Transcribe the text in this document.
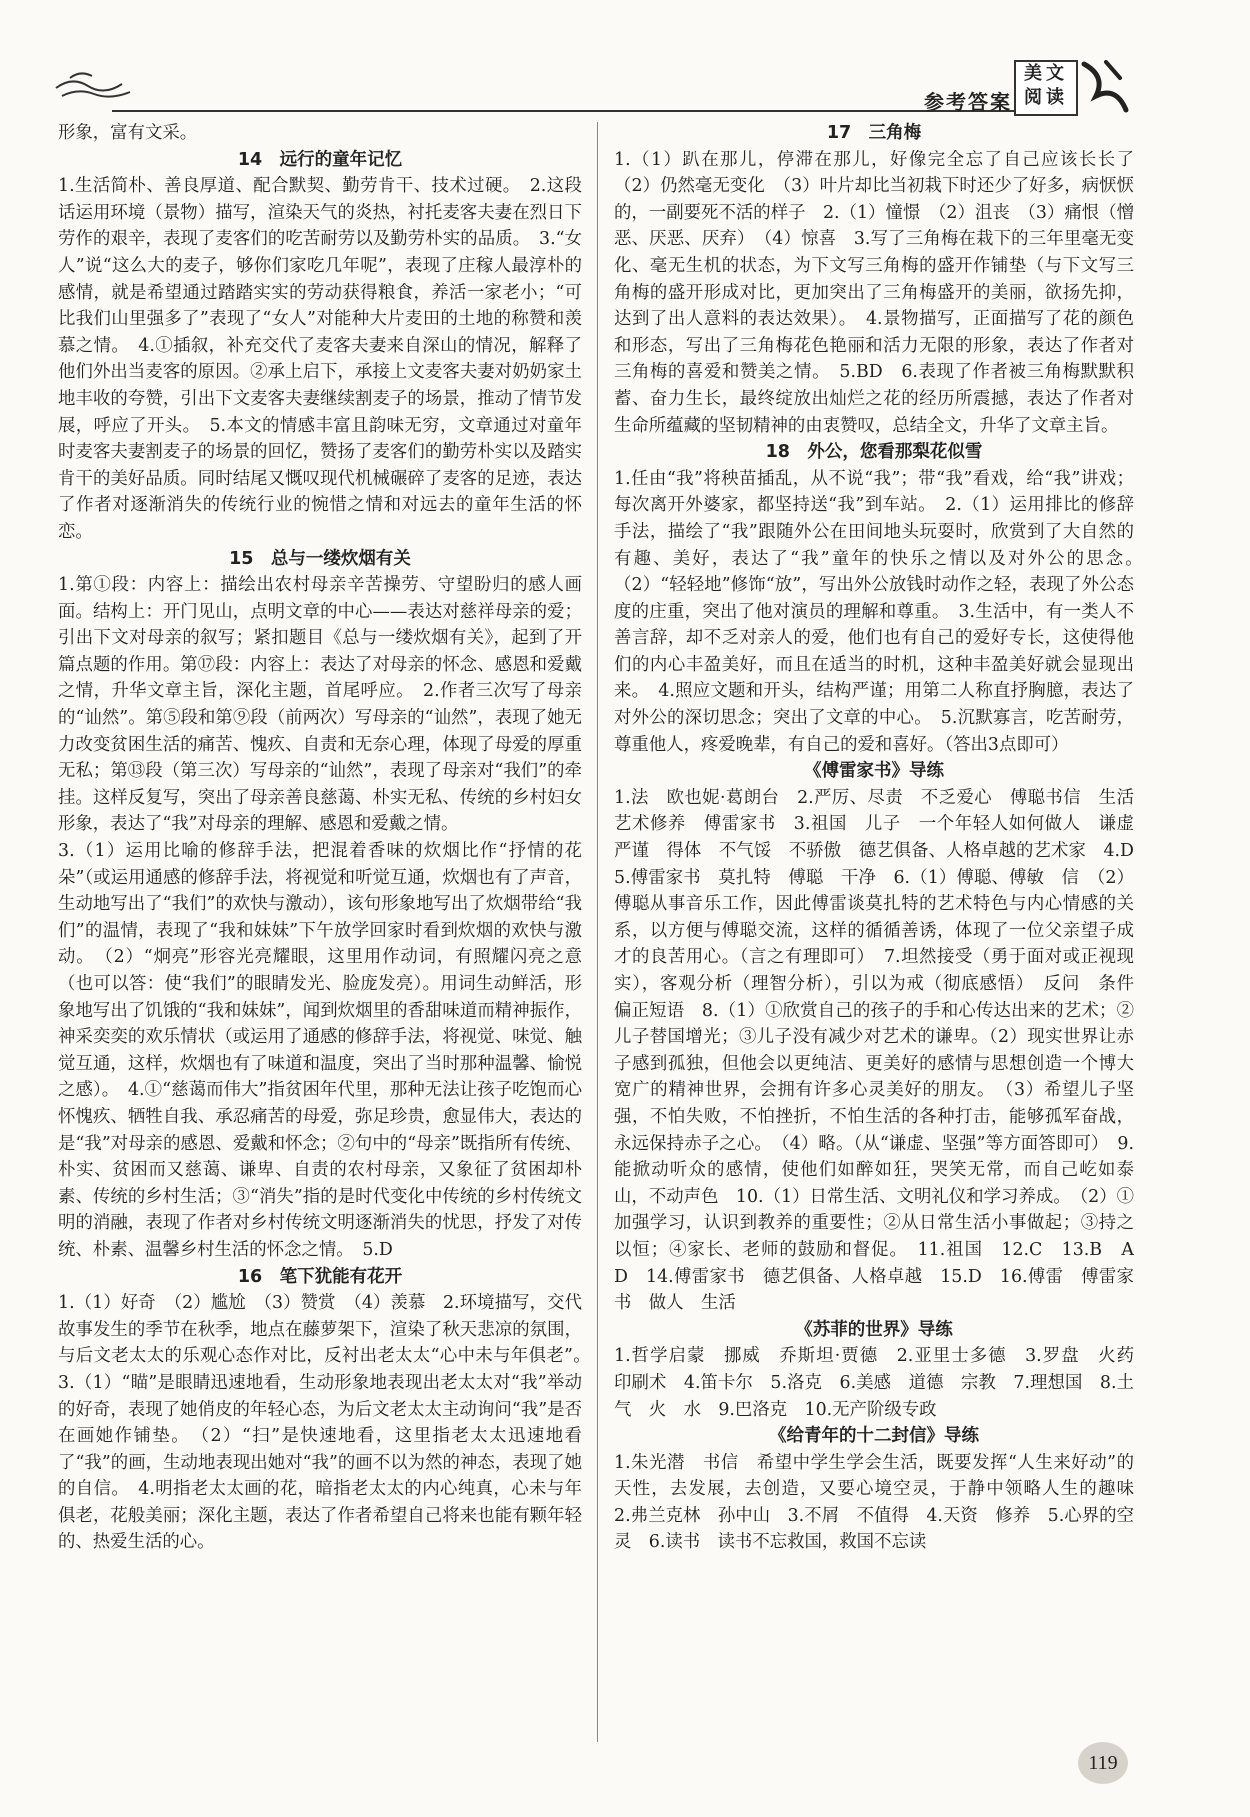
参考答案
美文阅读

形象，富有文采。

14　远行的童年记忆

1.生活简朴、善良厚道、配合默契、勤劳肯干、技术过硬。　2.这段话运用环境（景物）描写，渲染天气的炎热，衬托麦客夫妻在烈日下劳作的艰辛，表现了麦客们的吃苦耐劳以及勤劳朴实的品质。　3.“女人”说“这么大的麦子，够你们家吃几年呢”，表现了庄稼人最淳朴的感情，就是希望通过踏踏实实的劳动获得粮食，养活一家老小；“可比我们山里强多了”表现了“女人”对能种大片麦田的土地的称赞和羡慕之情。　4.①插叙，补充交代了麦客夫妻来自深山的情况，解释了他们外出当麦客的原因。②承上启下，承接上文麦客夫妻对奶奶家土地丰收的夸赞，引出下文麦客夫妻继续割麦子的场景，推动了情节发展，呼应了开头。　5.本文的情感丰富且韵味无穷，文章通过对童年时麦客夫妻割麦子的场景的回忆，赞扬了麦客们的勤劳朴实以及踏实肯干的美好品质。同时结尾又慨叹现代机械碾碎了麦客的足迹，表达了作者对逐渐消失的传统行业的惋惜之情和对远去的童年生活的怀恋。

15　总与一缕炊烟有关

1.第①段：内容上：描绘出农村母亲辛苦操劳、守望盼归的感人画面。结构上：开门见山，点明文章的中心——表达对慈祥母亲的爱；引出下文对母亲的叙写；紧扣题目《总与一缕炊烟有关》，起到了开篇点题的作用。第⑰段：内容上：表达了对母亲的怀念、感恩和爱戴之情，升华文章主旨，深化主题，首尾呼应。　2.作者三次写了母亲的“讪然”。第⑤段和第⑨段（前两次）写母亲的“讪然”，表现了她无力改变贫困生活的痛苦、愧疚、自责和无奈心理，体现了母爱的厚重无私；第⑬段（第三次）写母亲的“讪然”，表现了母亲对“我们”的牵挂。这样反复写，突出了母亲善良慈蔼、朴实无私、传统的乡村妇女形象，表达了“我”对母亲的理解、感恩和爱戴之情。

3.（1）运用比喻的修辞手法，把混着香味的炊烟比作“抒情的花朵”（或运用通感的修辞手法，将视觉和听觉互通，炊烟也有了声音，生动地写出了“我们”的欢快与激动），该句形象地写出了炊烟带给“我们”的温情，表现了“我和妹妹”下午放学回家时看到炊烟的欢快与激动。　（2）“炯亮”形容光亮耀眼，这里用作动词，有照耀闪亮之意（也可以答：使“我们”的眼睛发光、脸庞发亮）。用词生动鲜活，形象地写出了饥饿的“我和妹妹”，闻到炊烟里的香甜味道而精神振作，神采奕奕的欢乐情状（或运用了通感的修辞手法，将视觉、味觉、触觉互通，这样，炊烟也有了味道和温度，突出了当时那种温馨、愉悦之感）。　4.①“慈蔼而伟大”指贫困年代里，那种无法让孩子吃饱而心怀愧疚、牺牲自我、承忍痛苦的母爱，弥足珍贵，愈显伟大，表达的是“我”对母亲的感恩、爱戴和怀念；②句中的“母亲”既指所有传统、朴实、贫困而又慈蔼、谦卑、自责的农村母亲，又象征了贫困却朴素、传统的乡村生活；③“消失”指的是时代变化中传统的乡村传统文明的消融，表现了作者对乡村传统文明逐渐消失的忧思，抒发了对传统、朴素、温馨乡村生活的怀念之情。　5.D

16　笔下犹能有花开

1.（1）好奇　（2）尴尬　（3）赞赏　（4）羡慕　2.环境描写，交代故事发生的季节在秋季，地点在藤萝架下，渲染了秋天悲凉的氛围，与后文老太太的乐观心态作对比，反衬出老太太“心中未与年俱老”。　3.（1）“瞄”是眼睛迅速地看，生动形象地表现出老太太对“我”举动的好奇，表现了她俏皮的年轻心态，为后文老太太主动询问“我”是否在画她作铺垫。　（2）“扫”是快速地看，这里指老太太迅速地看了“我”的画，生动地表现出她对“我”的画不以为然的神态，表现了她的自信。　4.明指老太太画的花，暗指老太太的内心纯真，心未与年俱老，花般美丽；深化主题，表达了作者希望自己将来也能有颗年轻的、热爱生活的心。

17　三角梅

1.（1）趴在那儿，停滞在那儿，好像完全忘了自己应该长长了　（2）仍然毫无变化　（3）叶片却比当初栽下时还少了好多，病恹恹的，一副要死不活的样子　2.（1）憧憬　（2）沮丧　（3）痛恨（憎恶、厌恶、厌弃）　（4）惊喜　3.写了三角梅在栽下的三年里毫无变化、毫无生机的状态，为下文写三角梅的盛开作铺垫（与下文写三角梅的盛开形成对比，更加突出了三角梅盛开的美丽，欲扬先抑，达到了出人意料的表达效果）。　4.景物描写，正面描写了花的颜色和形态，写出了三角梅花色艳丽和活力无限的形象，表达了作者对三角梅的喜爱和赞美之情。　5.BD　6.表现了作者被三角梅默默积蓄、奋力生长，最终绽放出灿烂之花的经历所震撼，表达了作者对生命所蕴藏的坚韧精神的由衷赞叹，总结全文，升华了文章主旨。

18　外公，您看那梨花似雪

1.任由“我”将秧苗插乱，从不说“我”；带“我”看戏，给“我”讲戏；每次离开外婆家，都坚持送“我”到车站。　2.（1）运用排比的修辞手法，描绘了“我”跟随外公在田间地头玩耍时，欣赏到了大自然的有趣、美好，表达了“我”童年的快乐之情以及对外公的思念。　（2）“轻轻地”修饰“放”，写出外公放钱时动作之轻，表现了外公态度的庄重，突出了他对演员的理解和尊重。　3.生活中，有一类人不善言辞，却不乏对亲人的爱，他们也有自己的爱好专长，这使得他们的内心丰盈美好，而且在适当的时机，这种丰盈美好就会显现出来。　4.照应文题和开头，结构严谨；用第二人称直抒胸臆，表达了对外公的深切思念；突出了文章的中心。　5.沉默寡言，吃苦耐劳，尊重他人，疼爱晚辈，有自己的爱和喜好。（答出3点即可）

《傅雷家书》导练

1.法　欧也妮·葛朗台　2.严厉、尽责　不乏爱心　傅聪书信　生活　艺术修养　傅雷家书　3.祖国　儿子　一个年轻人如何做人　谦虚　严谨　得体　不气馁　不骄傲　德艺俱备、人格卓越的艺术家　4.D　5.傅雷家书　莫扎特　傅聪　干净　6.（1）傅聪、傅敏　信　（2）傅聪从事音乐工作，因此傅雷谈莫扎特的艺术特色与内心情感的关系，以方便与傅聪交流，这样的循循善诱，体现了一位父亲望子成才的良苦用心。（言之有理即可）　7.坦然接受（勇于面对或正视现实），客观分析（理智分析），引以为戒（彻底感悟）　反问　条件　偏正短语　8.（1）①欣赏自己的孩子的手和心传达出来的艺术；②儿子替国增光；③儿子没有减少对艺术的谦卑。（2）现实世界让赤子感到孤独，但他会以更纯洁、更美好的感情与思想创造一个博大宽广的精神世界，会拥有许多心灵美好的朋友。　（3）希望儿子坚强，不怕失败，不怕挫折，不怕生活的各种打击，能够孤军奋战，永远保持赤子之心。　（4）略。（从“谦虚、坚强”等方面答即可）　9.能掀动听众的感情，使他们如醉如狂，哭笑无常，而自己屹如泰山，不动声色　10.（1）日常生活、文明礼仪和学习养成。　（2）①加强学习，认识到教养的重要性；②从日常生活小事做起；③持之以恒；④家长、老师的鼓励和督促。　11.祖国　12.C　13.B　A　D　14.傅雷家书　德艺俱备、人格卓越　15.D　16.傅雷　傅雷家书　做人　生活

《苏菲的世界》导练

1.哲学启蒙　挪威　乔斯坦·贾德　2.亚里士多德　3.罗盘　火药　印刷术　4.笛卡尔　5.洛克　6.美感　道德　宗教　7.理想国　8.土　气　火　水　9.巴洛克　10.无产阶级专政

《给青年的十二封信》导练

1.朱光潜　书信　希望中学生学会生活，既要发挥“人生来好动”的天性，去发展，去创造，又要心境空灵，于静中领略人生的趣味　2.弗兰克林　孙中山　3.不屑　不值得　4.天资　修养　5.心界的空灵　6.读书　读书不忘救国，救国不忘读

119
